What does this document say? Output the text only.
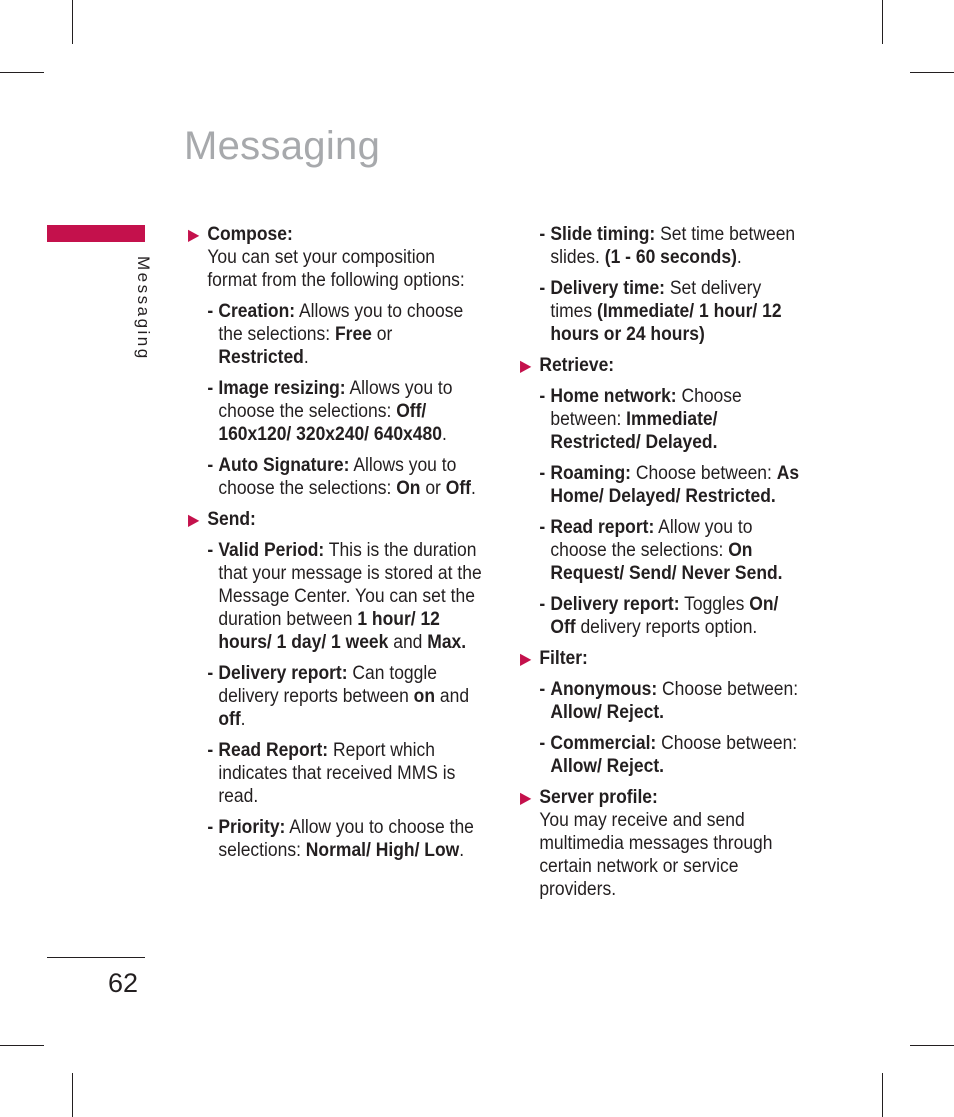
Messaging
Messaging
62
▶ Compose:
You can set your composition format from the following options:
- Creation: Allows you to choose the selections: Free or Restricted.
- Image resizing: Allows you to choose the selections: Off/ 160x120/ 320x240/ 640x480.
- Auto Signature: Allows you to choose the selections: On or Off.
▶ Send:
- Valid Period: This is the duration that your message is stored at the Message Center. You can set the duration between 1 hour/ 12 hours/ 1 day/ 1 week and Max.
- Delivery report: Can toggle delivery reports between on and off.
- Read Report: Report which indicates that received MMS is read.
- Priority: Allow you to choose the selections: Normal/ High/ Low.
- Slide timing: Set time between slides. (1 - 60 seconds).
- Delivery time: Set delivery times (Immediate/ 1 hour/ 12 hours or 24 hours)
▶ Retrieve:
- Home network: Choose between: Immediate/ Restricted/ Delayed.
- Roaming: Choose between: As Home/ Delayed/ Restricted.
- Read report: Allow you to choose the selections: On Request/ Send/ Never Send.
- Delivery report: Toggles On/ Off delivery reports option.
▶ Filter:
- Anonymous: Choose between: Allow/ Reject.
- Commercial: Choose between: Allow/ Reject.
▶ Server profile:
You may receive and send multimedia messages through certain network or service providers.
